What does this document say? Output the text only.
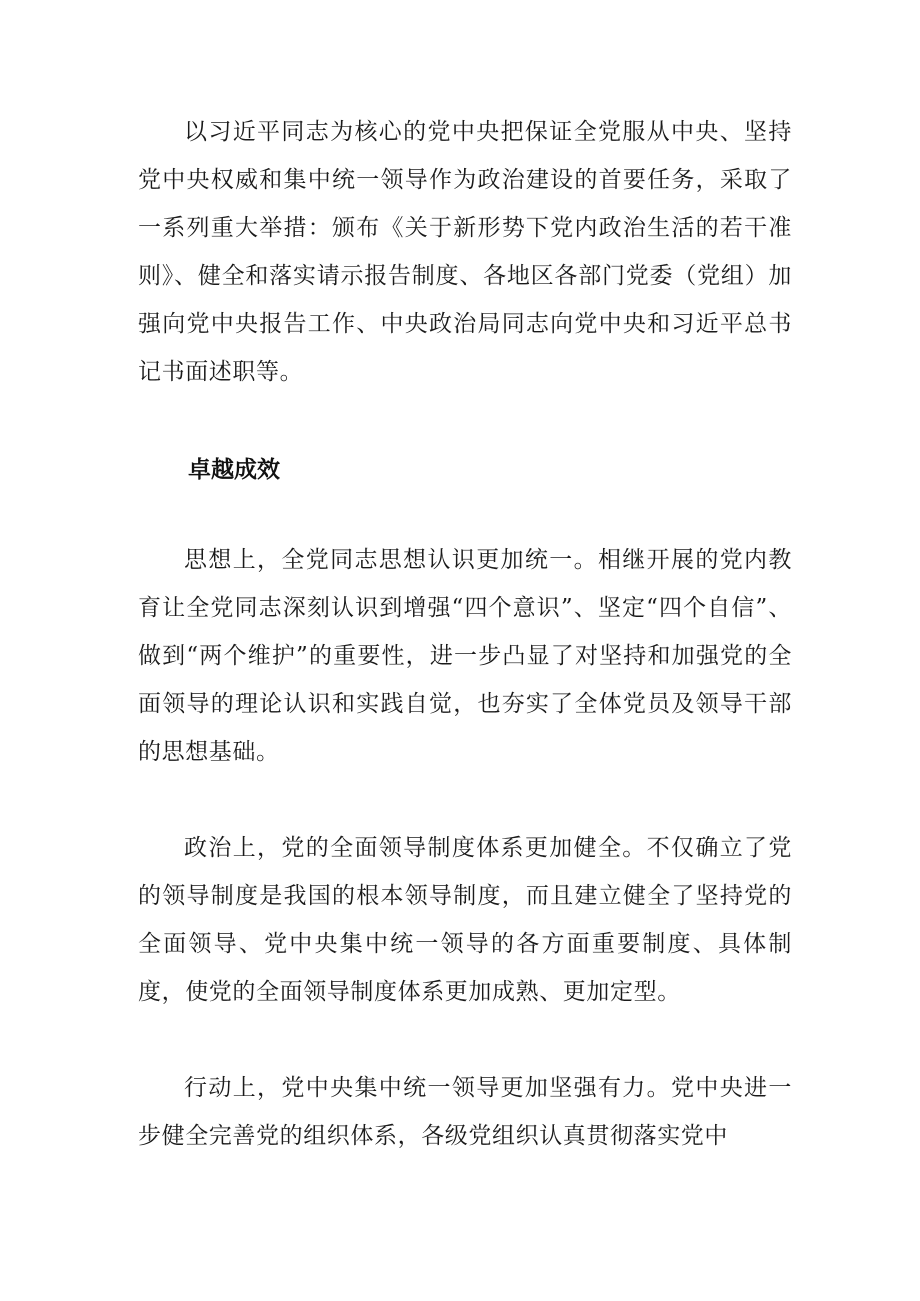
以习近平同志为核心的党中央把保证全党服从中央、坚持党中央权威和集中统一领导作为政治建设的首要任务，采取了一系列重大举措：颁布《关于新形势下党内政治生活的若干准则》、健全和落实请示报告制度、各地区各部门党委（党组）加强向党中央报告工作、中央政治局同志向党中央和习近平总书记书面述职等。

卓越成效

思想上，全党同志思想认识更加统一。相继开展的党内教育让全党同志深刻认识到增强“四个意识”、坚定“四个自信”、做到“两个维护”的重要性，进一步凸显了对坚持和加强党的全面领导的理论认识和实践自觉，也夯实了全体党员及领导干部的思想基础。

政治上，党的全面领导制度体系更加健全。不仅确立了党的领导制度是我国的根本领导制度，而且建立健全了坚持党的全面领导、党中央集中统一领导的各方面重要制度、具体制度，使党的全面领导制度体系更加成熟、更加定型。

行动上，党中央集中统一领导更加坚强有力。党中央进一步健全完善党的组织体系，各级党组织认真贯彻落实党中
